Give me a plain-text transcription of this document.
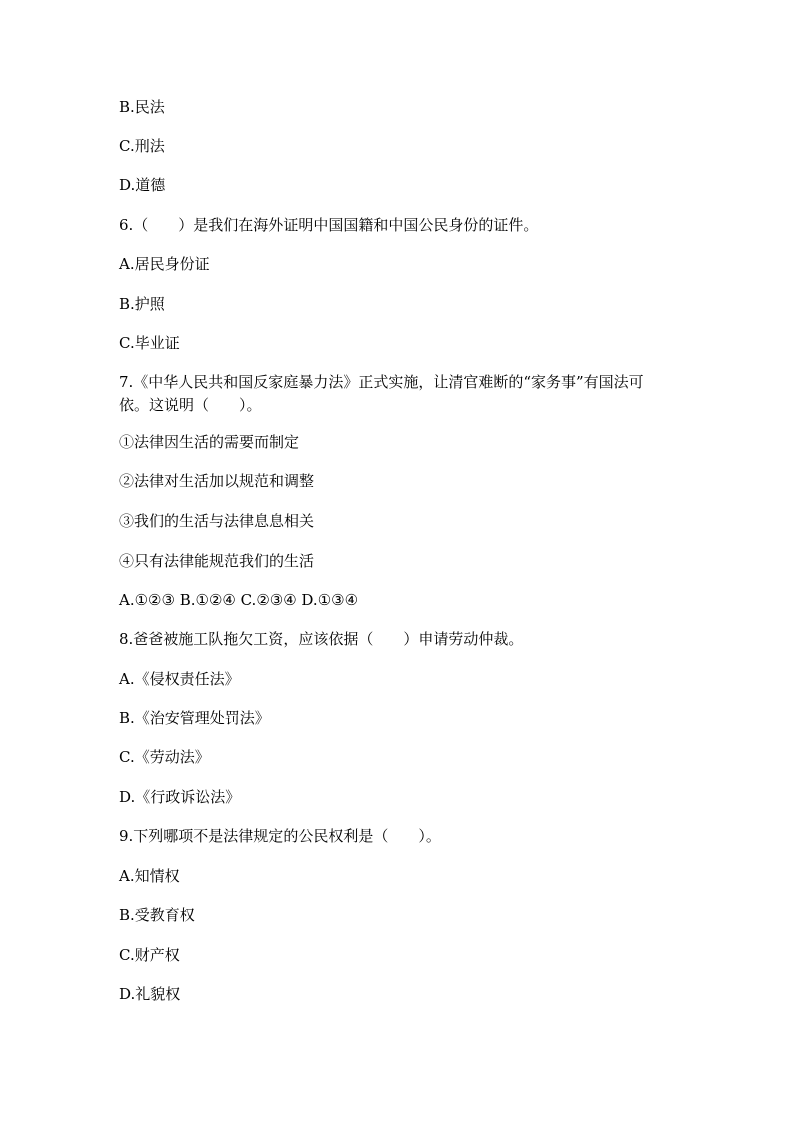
B.民法
C.刑法
D.道德
6.（　　）是我们在海外证明中国国籍和中国公民身份的证件。
A.居民身份证
B.护照
C.毕业证
7.《中华人民共和国反家庭暴力法》正式实施，让清官难断的“家务事”有国法可依。这说明（　　）。
①法律因生活的需要而制定
②法律对生活加以规范和调整
③我们的生活与法律息息相关
④只有法律能规范我们的生活
A.①②③ B.①②④ C.②③④ D.①③④
8.爸爸被施工队拖欠工资，应该依据（　　）申请劳动仲裁。
A.《侵权责任法》
B.《治安管理处罚法》
C.《劳动法》
D.《行政诉讼法》
9.下列哪项不是法律规定的公民权利是（　　）。
A.知情权
B.受教育权
C.财产权
D.礼貌权
